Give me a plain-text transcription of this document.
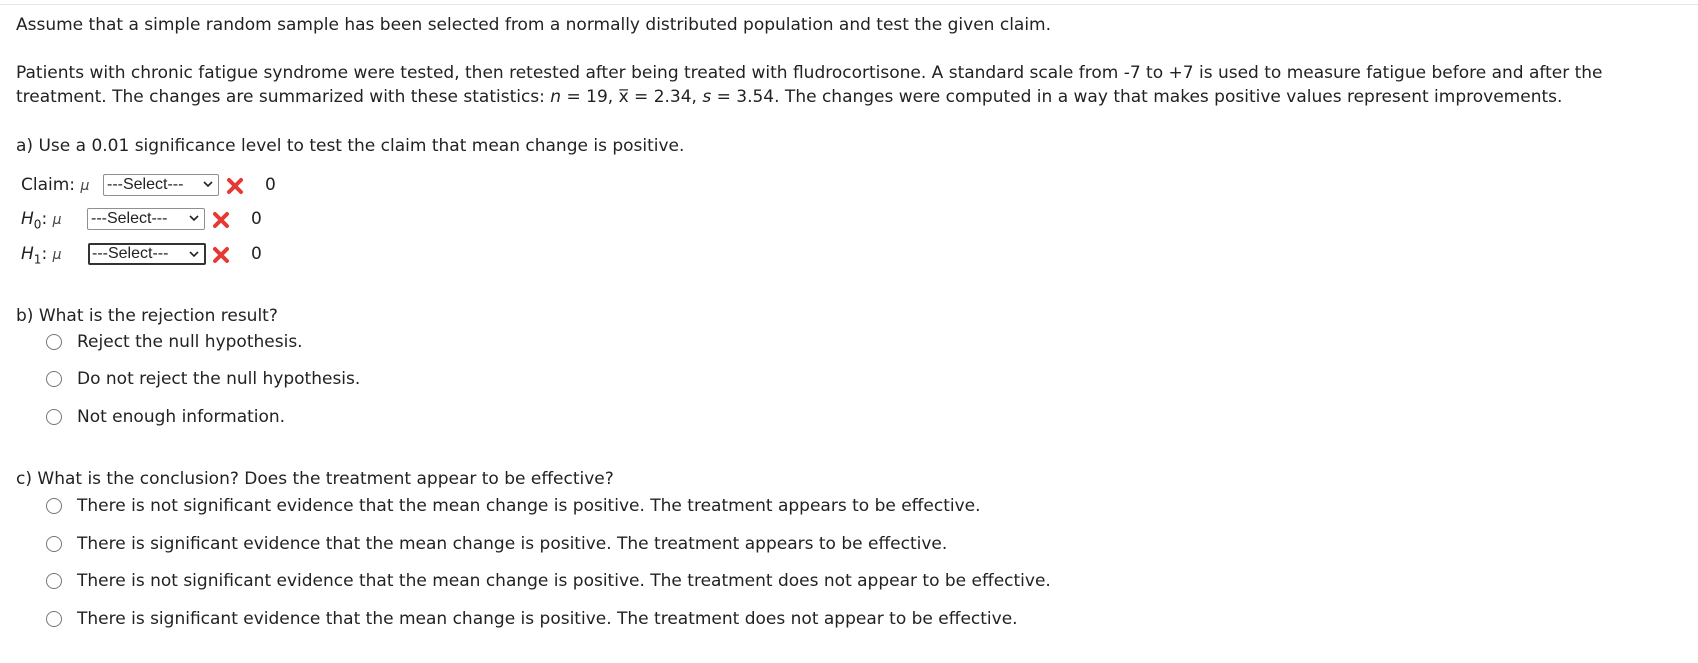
Assume that a simple random sample has been selected from a normally distributed population and test the given claim.
Patients with chronic fatigue syndrome were tested, then retested after being treated with fludrocortisone. A standard scale from -7 to +7 is used to measure fatigue before and after the
treatment. The changes are summarized with these statistics: n = 19, x̅ = 2.34, s = 3.54. The changes were computed in a way that makes positive values represent improvements.
a) Use a 0.01 significance level to test the claim that mean change is positive.
Claim: μ ---Select---	0
$H_0$: μ ---Select---	0
$H_1$: μ ---Select---	0
b) What is the rejection result?
Reject the null hypothesis.
Do not reject the null hypothesis.
Not enough information.
c) What is the conclusion? Does the treatment appear to be effective?
There is not significant evidence that the mean change is positive. The treatment appears to be effective.
There is significant evidence that the mean change is positive. The treatment appears to be effective.
There is not significant evidence that the mean change is positive. The treatment does not appear to be effective.
There is significant evidence that the mean change is positive. The treatment does not appear to be effective.
